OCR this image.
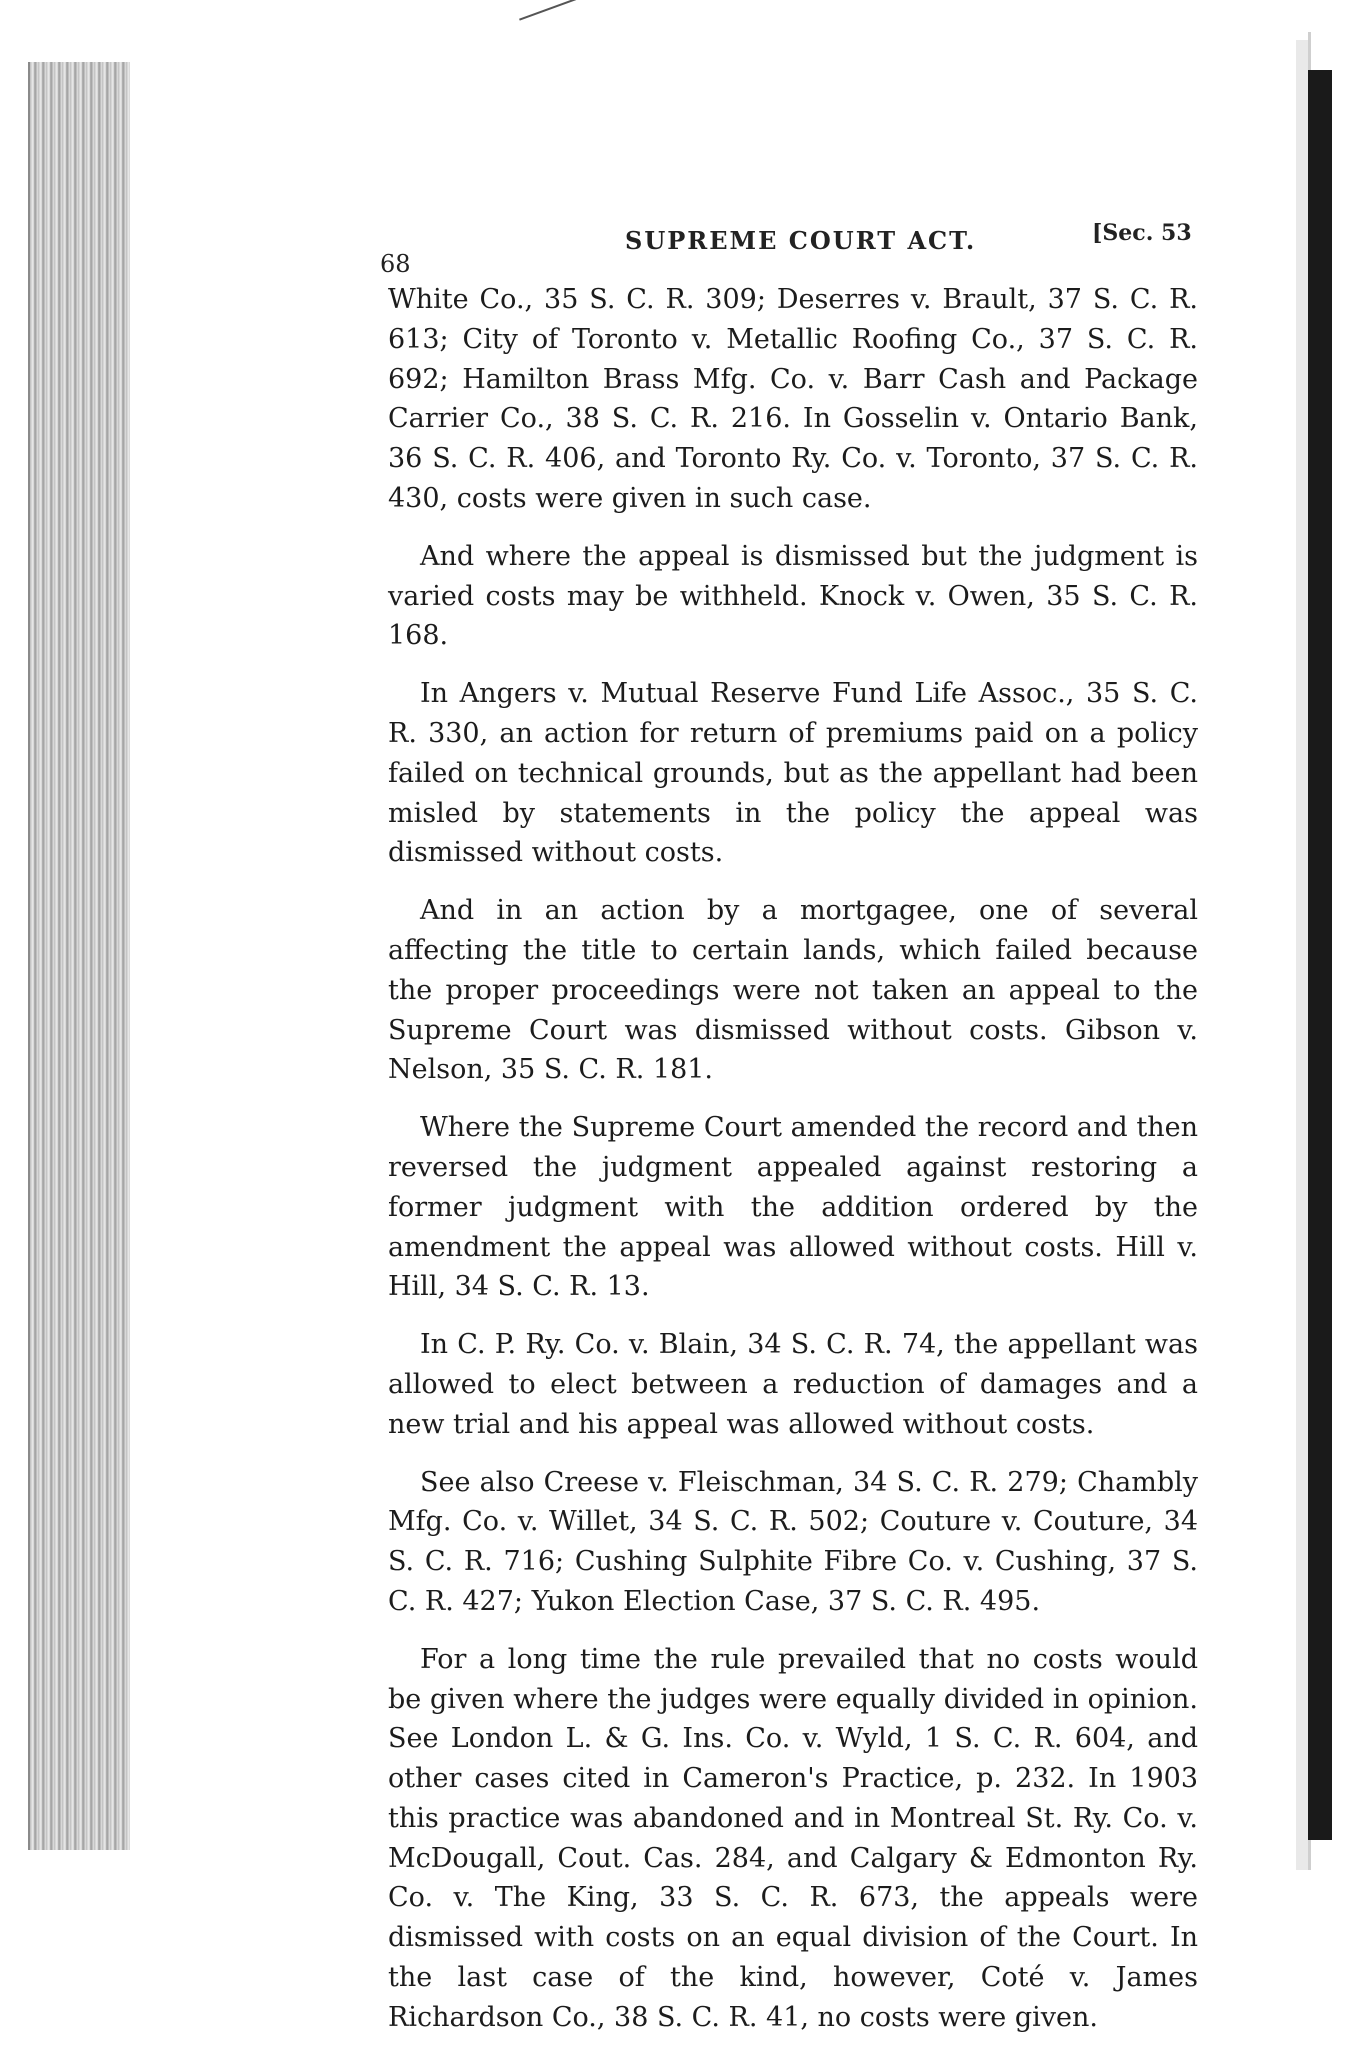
68
SUPREME COURT ACT.	[Sec. 53

White Co., 35 S. C. R. 309; Deserres v. Brault, 37 S. C. R. 613; City of Toronto v. Metallic Roofing Co., 37 S. C. R. 692; Hamilton Brass Mfg. Co. v. Barr Cash and Package Carrier Co., 38 S. C. R. 216. In Gosselin v. Ontario Bank, 36 S. C. R. 406, and Toronto Ry. Co. v. Toronto, 37 S. C. R. 430, costs were given in such case.

And where the appeal is dismissed but the judgment is varied costs may be withheld. Knock v. Owen, 35 S. C. R. 168.

In Angers v. Mutual Reserve Fund Life Assoc., 35 S. C. R. 330, an action for return of premiums paid on a policy failed on technical grounds, but as the appellant had been misled by statements in the policy the appeal was dismissed without costs.

And in an action by a mortgagee, one of several affecting the title to certain lands, which failed because the proper proceedings were not taken an appeal to the Supreme Court was dismissed without costs. Gibson v. Nelson, 35 S. C. R. 181.

Where the Supreme Court amended the record and then reversed the judgment appealed against restoring a former judgment with the addition ordered by the amendment the appeal was allowed without costs. Hill v. Hill, 34 S. C. R. 13.

In C. P. Ry. Co. v. Blain, 34 S. C. R. 74, the appellant was allowed to elect between a reduction of damages and a new trial and his appeal was allowed without costs.

See also Creese v. Fleischman, 34 S. C. R. 279; Chambly Mfg. Co. v. Willet, 34 S. C. R. 502; Couture v. Couture, 34 S. C. R. 716; Cushing Sulphite Fibre Co. v. Cushing, 37 S. C. R. 427; Yukon Election Case, 37 S. C. R. 495.

For a long time the rule prevailed that no costs would be given where the judges were equally divided in opinion. See London L. & G. Ins. Co. v. Wyld, 1 S. C. R. 604, and other cases cited in Cameron's Practice, p. 232. In 1903 this practice was abandoned and in Montreal St. Ry. Co. v. McDougall, Cout. Cas. 284, and Calgary & Edmonton Ry. Co. v. The King, 33 S. C. R. 673, the appeals were dismissed with costs on an equal division of the Court. In the last case of the kind, however, Coté v. James Richardson Co., 38 S. C. R. 41, no costs were given.
